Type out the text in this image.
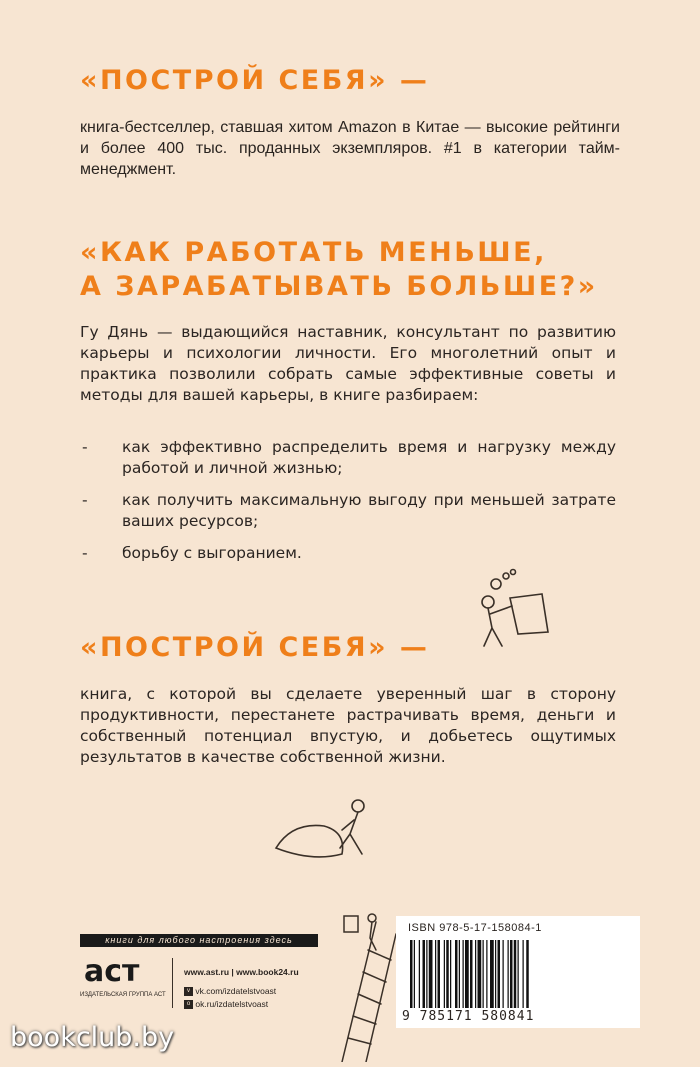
«ПОСТРОЙ СЕБЯ» —
книга-бестселлер, ставшая хитом Amazon в Китае — высокие рейтинги и более 400 тыс. проданных экземпляров. #1 в категории тайм-менеджмент.
«КАК РАБОТАТЬ МЕНЬШЕ,
А ЗАРАБАТЫВАТЬ БОЛЬШЕ?»
Гу Дянь — выдающийся наставник, консультант по развитию карьеры и психологии личности. Его многолетний опыт и практика позволили собрать самые эффективные советы и методы для вашей карьеры, в книге разбираем:
- как эффективно распределить время и нагрузку между работой и личной жизнью;
- как получить максимальную выгоду при меньшей затрате ваших ресурсов;
- борьбу с выгоранием.
«ПОСТРОЙ СЕБЯ» —
книга, с которой вы сделаете уверенный шаг в сторону продуктивности, перестанете растрачивать время, деньги и собственный потенциал впустую, и добьетесь ощутимых результатов в качестве собственной жизни.
книги для любого настроения здесь
аст
ИЗДАТЕЛЬСКАЯ ГРУППА АСТ
www.ast.ru | www.book24.ru
v vk.com/izdatelstvoast
o ok.ru/izdatelstvoast
ISBN 978-5-17-158084-1
9 785171 580841
bookclub.by
